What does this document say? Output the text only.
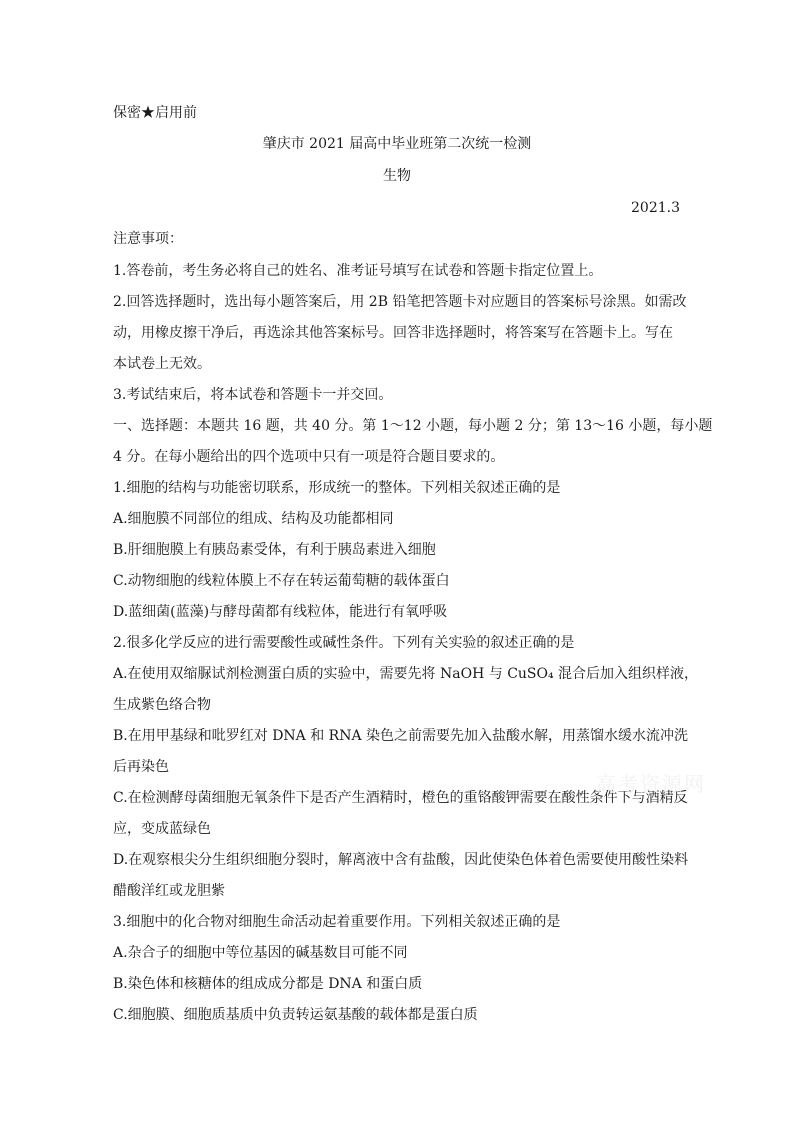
保密★启用前
肇庆市 2021 届高中毕业班第二次统一检测
生物
2021.3
注意事项：
1.答卷前，考生务必将自己的姓名、准考证号填写在试卷和答题卡指定位置上。
2.回答选择题时，选出每小题答案后，用 2B 铅笔把答题卡对应题目的答案标号涂黑。如需改
动，用橡皮擦干净后，再选涂其他答案标号。回答非选择题时，将答案写在答题卡上。写在
本试卷上无效。
3.考试结束后，将本试卷和答题卡一并交回。
一、选择题：本题共 16 题，共 40 分。第 1～12 小题，每小题 2 分；第 13～16 小题，每小题
4 分。在每小题给出的四个选项中只有一项是符合题目要求的。
1.细胞的结构与功能密切联系，形成统一的整体。下列相关叙述正确的是
A.细胞膜不同部位的组成、结构及功能都相同
B.肝细胞膜上有胰岛素受体，有利于胰岛素进入细胞
C.动物细胞的线粒体膜上不存在转运葡萄糖的载体蛋白
D.蓝细菌(蓝藻)与酵母菌都有线粒体，能进行有氧呼吸
2.很多化学反应的进行需要酸性或碱性条件。下列有关实验的叙述正确的是
A.在使用双缩脲试剂检测蛋白质的实验中，需要先将 NaOH 与 CuSO₄ 混合后加入组织样液，
生成紫色络合物
B.在用甲基绿和吡罗红对 DNA 和 RNA 染色之前需要先加入盐酸水解，用蒸馏水缓水流冲洗
后再染色
C.在检测酵母菌细胞无氧条件下是否产生酒精时，橙色的重铬酸钾需要在酸性条件下与酒精反
应，变成蓝绿色
D.在观察根尖分生组织细胞分裂时，解离液中含有盐酸，因此使染色体着色需要使用酸性染料
醋酸洋红或龙胆紫
3.细胞中的化合物对细胞生命活动起着重要作用。下列相关叙述正确的是
A.杂合子的细胞中等位基因的碱基数目可能不同
B.染色体和核糖体的组成成分都是 DNA 和蛋白质
C.细胞膜、细胞质基质中负责转运氨基酸的载体都是蛋白质
高考资源网
